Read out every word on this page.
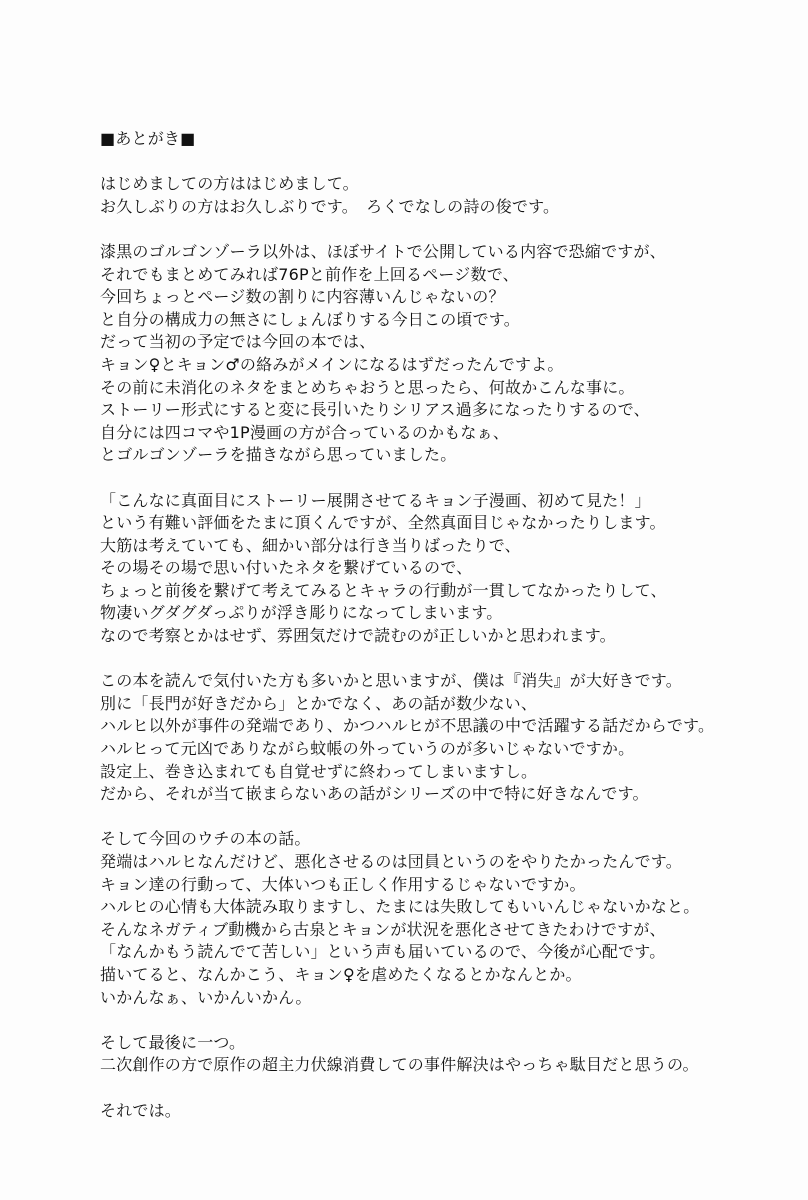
■あとがき■
はじめましての方ははじめまして。
お久しぶりの方はお久しぶりです。　ろくでなしの詩の俊です。
漆黒のゴルゴンゾーラ以外は、ほぼサイトで公開している内容で恐縮ですが、
それでもまとめてみれば76Pと前作を上回るページ数で、
今回ちょっとページ数の割りに内容薄いんじゃないの？
と自分の構成力の無さにしょんぼりする今日この頃です。
だって当初の予定では今回の本では、
キョン♀とキョン♂の絡みがメインになるはずだったんですよ。
その前に未消化のネタをまとめちゃおうと思ったら、何故かこんな事に。
ストーリー形式にすると変に長引いたりシリアス過多になったりするので、
自分には四コマや1P漫画の方が合っているのかもなぁ、
とゴルゴンゾーラを描きながら思っていました。
「こんなに真面目にストーリー展開させてるキョン子漫画、初めて見た！」
という有難い評価をたまに頂くんですが、全然真面目じゃなかったりします。
大筋は考えていても、細かい部分は行き当りばったりで、
その場その場で思い付いたネタを繋げているので、
ちょっと前後を繋げて考えてみるとキャラの行動が一貫してなかったりして、
物凄いグダグダっぷりが浮き彫りになってしまいます。
なので考察とかはせず、雰囲気だけで読むのが正しいかと思われます。
この本を読んで気付いた方も多いかと思いますが、僕は『消失』が大好きです。
別に「長門が好きだから」とかでなく、あの話が数少ない、
ハルヒ以外が事件の発端であり、かつハルヒが不思議の中で活躍する話だからです。
ハルヒって元凶でありながら蚊帳の外っていうのが多いじゃないですか。
設定上、巻き込まれても自覚せずに終わってしまいますし。
だから、それが当て嵌まらないあの話がシリーズの中で特に好きなんです。
そして今回のウチの本の話。
発端はハルヒなんだけど、悪化させるのは団員というのをやりたかったんです。
キョン達の行動って、大体いつも正しく作用するじゃないですか。
ハルヒの心情も大体読み取りますし、たまには失敗してもいいんじゃないかなと。
そんなネガティブ動機から古泉とキョンが状況を悪化させてきたわけですが、
「なんかもう読んでて苦しい」という声も届いているので、今後が心配です。
描いてると、なんかこう、キョン♀を虐めたくなるとかなんとか。
いかんなぁ、いかんいかん。
そして最後に一つ。
二次創作の方で原作の超主力伏線消費しての事件解決はやっちゃ駄目だと思うの。
それでは。
